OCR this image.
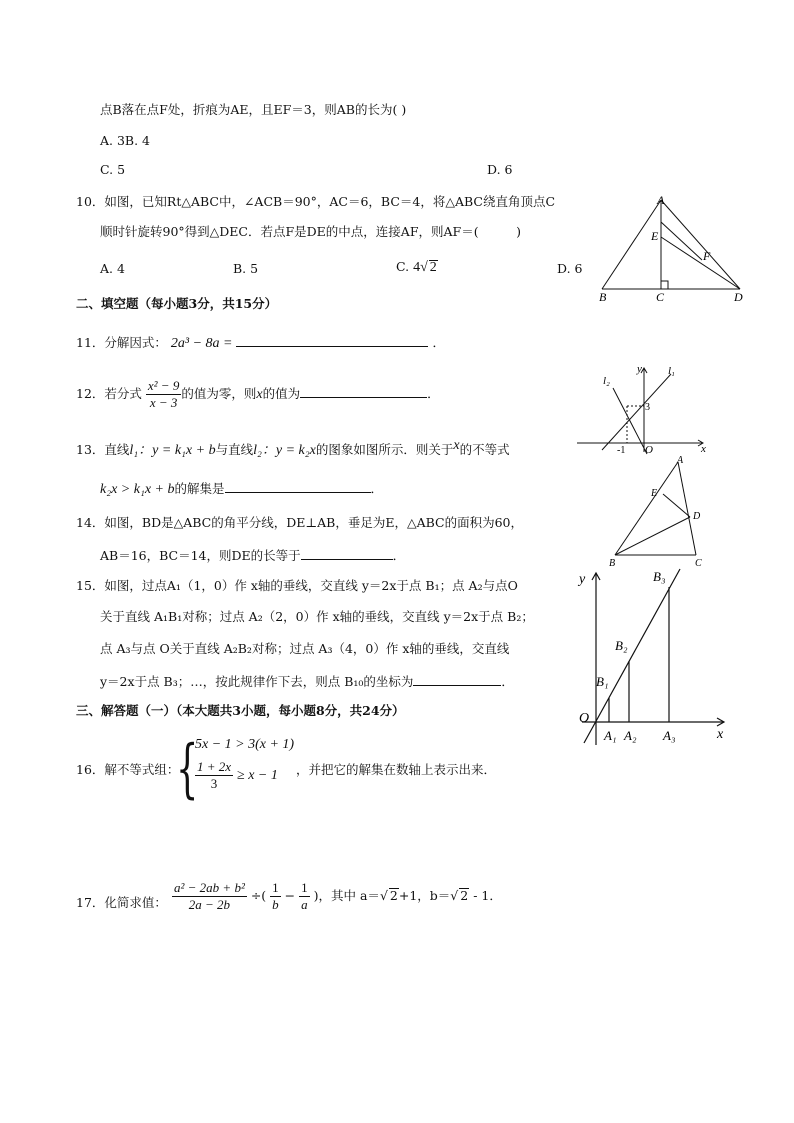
点B落在点F处，折痕为AE，且EF＝3，则AB的长为( )
A. 3B. 4
C. 5	D. 6
10．如图，已知Rt△ABC中，∠ACB＝90°，AC＝6，BC＝4，将△ABC绕直角顶点C
顺时针旋转90°得到△DEC．若点F是DE的中点，连接AF，则AF＝(　　　)
A. 4	B. 5	C. 4√ 2	D. 6
A
E
F
B	C	D
二、填空题（每小题3分，共15分）
11．分解因式： 2a³ − 8a =	．
12．若分式 $\frac{\text{x² − 9}}{x - 3}$ 的值为零，则x的值为	．
13．直线l₁：y = k₁x + b与直线l₂：y = k₂x的图象如图所示．则关于x的不等式
k₂x > k₁x + b的解集是	．
y
x
l₁
l₂
3
-1 O
14．如图，BD是△ABC的角平分线，DE⊥AB，垂足为E，△ABC的面积为60，
AB＝16，BC＝14，则DE的长等于	．
A
E
D
B	C
15．如图，过点A₁（1，0）作 x轴的垂线，交直线 y＝2x于点 B₁；点 A₂与点O
关于直线 A₁B₁对称；过点 A₂（2，0）作 x轴的垂线，交直线 y＝2x于点 B₂；
点 A₃与点 O关于直线 A₂B₂对称；过点 A₃（4，0）作 x轴的垂线，交直线
y＝2x于点 B₃；…，按此规律作下去，则点 B₁₀的坐标为	．
y
x
O
A₁ A₂ A₃
B₁
B₂
B₃
三、解答题（一）（本大题共3小题，每小题8分，共24分）
16．解不等式组：
{
5x − 1 > 3(x + 1)
$\frac{1 + 2x}{3} \ge x - 1$ ，并把它的解集在数轴上表示出来．
17．化简求值： $\frac{\text{a² − 2ab + b²}}{2a - 2b}$ ÷( $\frac{1}{b} - \frac{1}{a}$ )，其中 a＝√ 2+1，b＝√ 2 - 1．
